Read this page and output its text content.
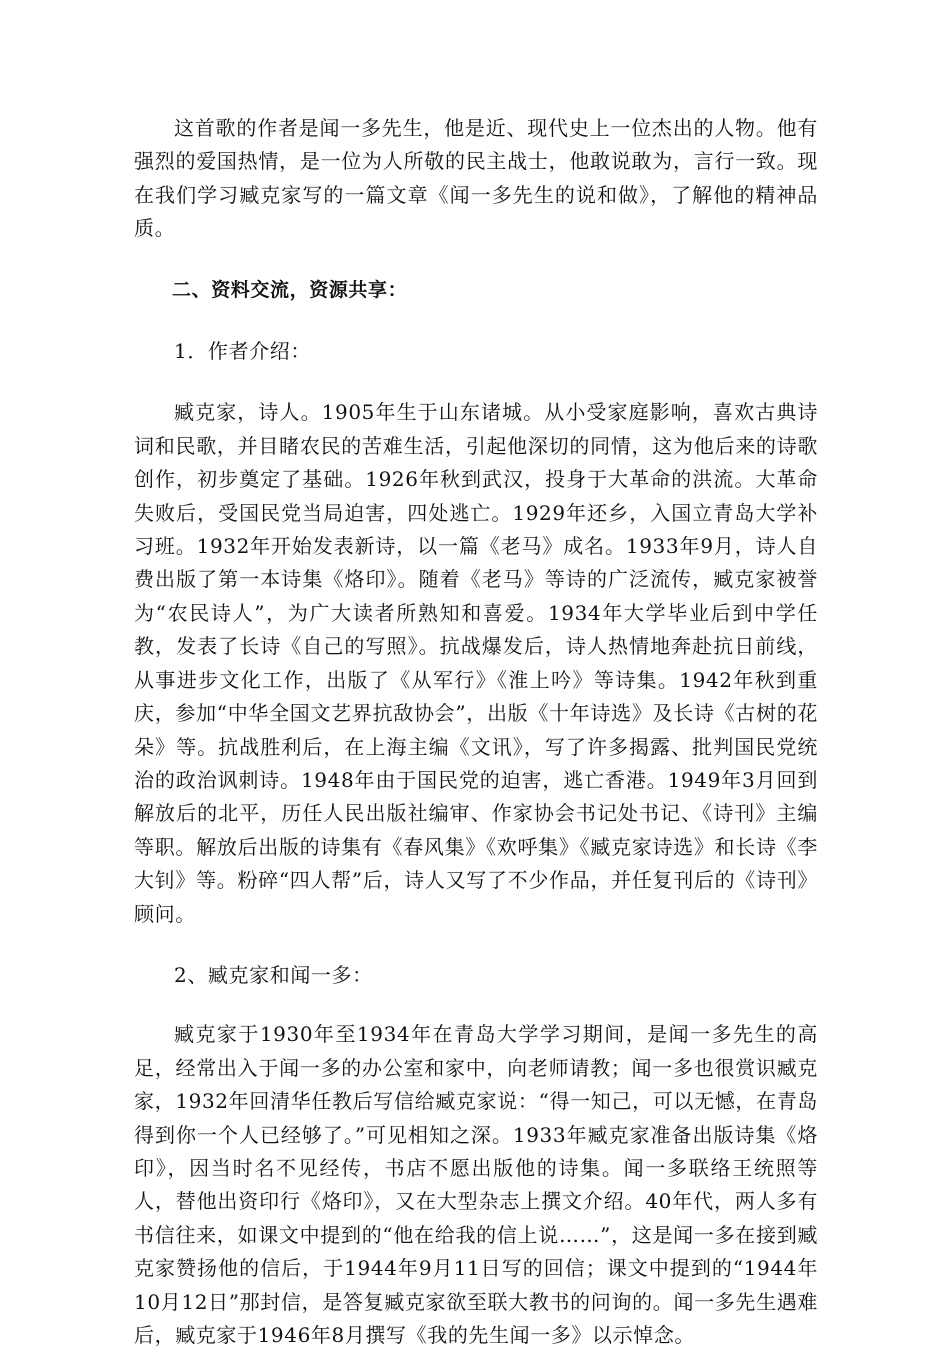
这首歌的作者是闻一多先生，他是近、现代史上一位杰出的人物。他有强烈的爱国热情，是一位为人所敬的民主战士，他敢说敢为，言行一致。现在我们学习臧克家写的一篇文章《闻一多先生的说和做》，了解他的精神品质。

二、资料交流，资源共享：

1．作者介绍：

臧克家，诗人。1905年生于山东诸城。从小受家庭影响，喜欢古典诗词和民歌，并目睹农民的苦难生活，引起他深切的同情，这为他后来的诗歌创作，初步奠定了基础。1926年秋到武汉，投身于大革命的洪流。大革命失败后，受国民党当局迫害，四处逃亡。1929年还乡，入国立青岛大学补习班。1932年开始发表新诗，以一篇《老马》成名。1933年9月，诗人自费出版了第一本诗集《烙印》。随着《老马》等诗的广泛流传，臧克家被誉为“农民诗人”，为广大读者所熟知和喜爱。1934年大学毕业后到中学任教，发表了长诗《自己的写照》。抗战爆发后，诗人热情地奔赴抗日前线，从事进步文化工作，出版了《从军行》《淮上吟》等诗集。1942年秋到重庆，参加“中华全国文艺界抗敌协会”，出版《十年诗选》及长诗《古树的花朵》等。抗战胜利后，在上海主编《文讯》，写了许多揭露、批判国民党统治的政治讽刺诗。1948年由于国民党的迫害，逃亡香港。1949年3月回到解放后的北平，历任人民出版社编审、作家协会书记处书记、《诗刊》主编等职。解放后出版的诗集有《春风集》《欢呼集》《臧克家诗选》和长诗《李大钊》等。粉碎“四人帮”后，诗人又写了不少作品，并任复刊后的《诗刊》顾问。

2、臧克家和闻一多：

臧克家于1930年至1934年在青岛大学学习期间，是闻一多先生的高足，经常出入于闻一多的办公室和家中，向老师请教；闻一多也很赏识臧克家，1932年回清华任教后写信给臧克家说：“得一知己，可以无憾，在青岛得到你一个人已经够了。”可见相知之深。1933年臧克家准备出版诗集《烙印》，因当时名不见经传，书店不愿出版他的诗集。闻一多联络王统照等人，替他出资印行《烙印》，又在大型杂志上撰文介绍。40年代，两人多有书信往来，如课文中提到的“他在给我的信上说……”，这是闻一多在接到臧克家赞扬他的信后，于1944年9月11日写的回信；课文中提到的“1944年10月12日”那封信，是答复臧克家欲至联大教书的问询的。闻一多先生遇难后，臧克家于1946年8月撰写《我的先生闻一多》以示悼念。
